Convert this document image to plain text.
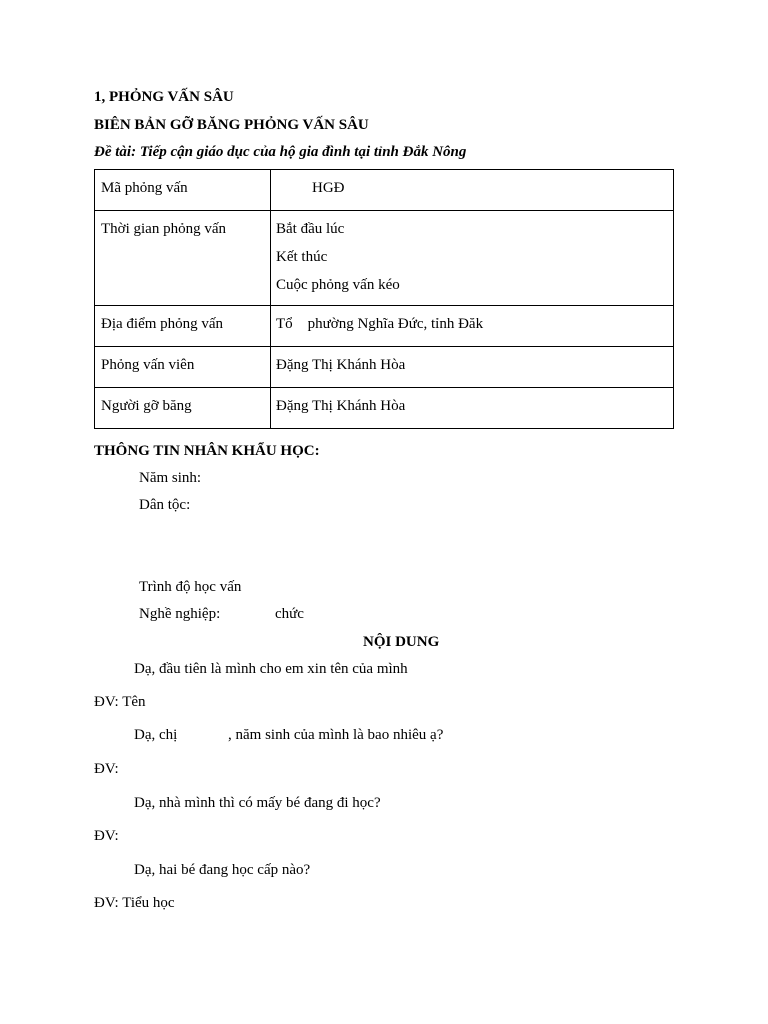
1, PHỎNG VẤN SÂU
BIÊN BẢN GỠ BĂNG PHỎNG VẤN SÂU
Đề tài: Tiếp cận giáo dục của hộ gia đình tại tỉnh Đắk Nông
Mã phỏng vấn	HGĐ
Thời gian phỏng vấn	Bắt đầu lúc
Kết thúc
Cuộc phỏng vấn kéo

Địa điểm phỏng vấn	Tổ    phường Nghĩa Đức, tỉnh Đăk
Phỏng vấn viên	Đặng Thị Khánh Hòa
Người gỡ băng	Đặng Thị Khánh Hòa
THÔNG TIN NHÂN KHẨU HỌC:
Năm sinh:
Dân tộc:
Trình độ học vấn
Nghề nghiệp:	chức
NỘI DUNG
Dạ, đầu tiên là mình cho em xin tên của mình
ĐV: Tên
Dạ, chị	, năm sinh của mình là bao nhiêu ạ?
ĐV:
Dạ, nhà mình thì có mấy bé đang đi học?
ĐV:
Dạ, hai bé đang học cấp nào?
ĐV: Tiểu học
